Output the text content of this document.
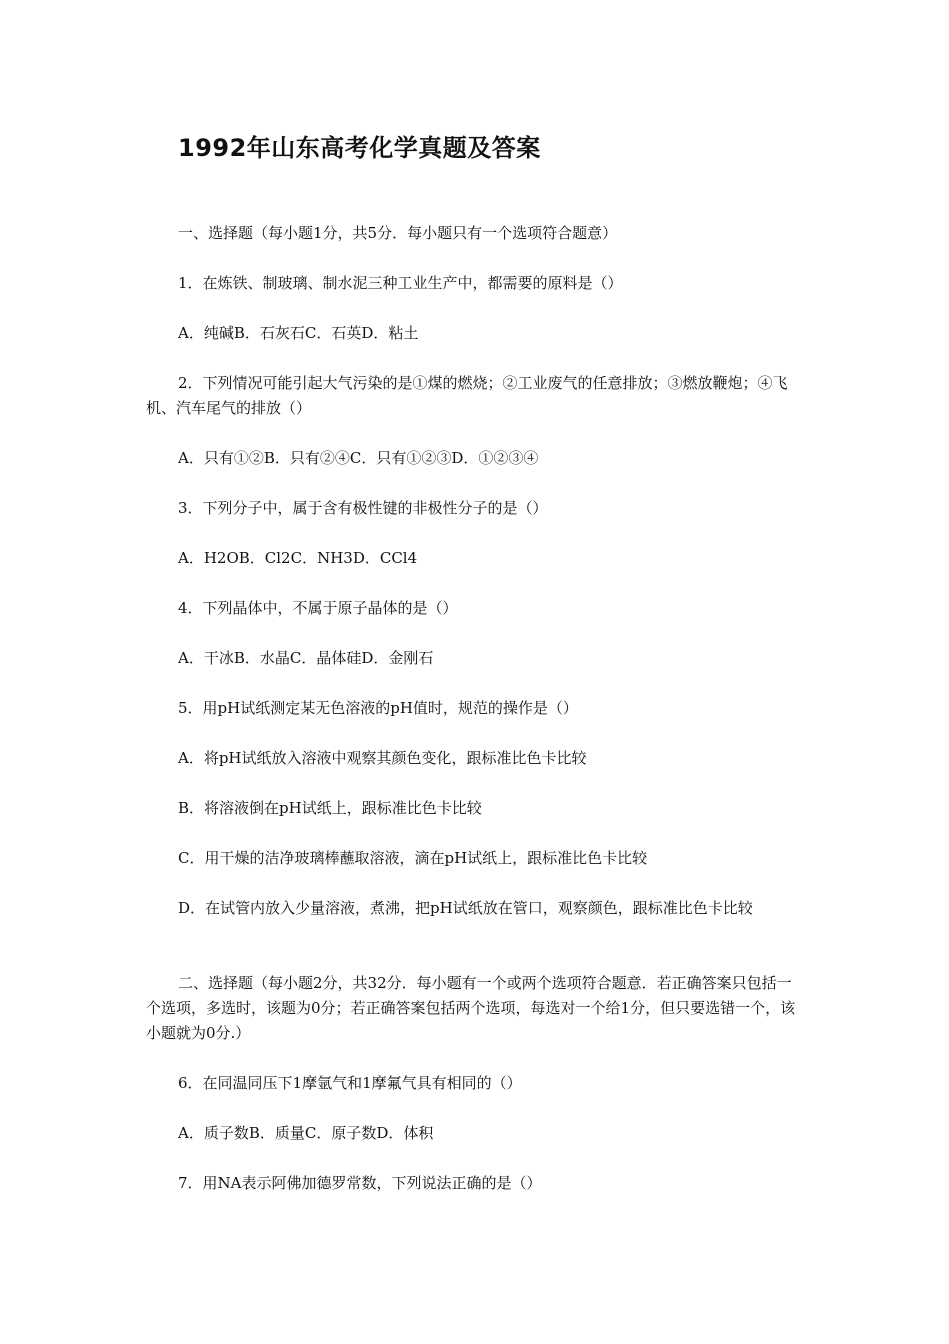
1992年山东高考化学真题及答案

一、选择题（每小题1分，共5分．每小题只有一个选项符合题意）

1．在炼铁、制玻璃、制水泥三种工业生产中，都需要的原料是（）

A．纯碱B．石灰石C．石英D．粘土

2．下列情况可能引起大气污染的是①煤的燃烧；②工业废气的任意排放；③燃放鞭炮；④飞机、汽车尾气的排放（）

A．只有①②B．只有②④C．只有①②③D．①②③④

3．下列分子中，属于含有极性键的非极性分子的是（）

A．H2OB．Cl2C．NH3D．CCl4

4．下列晶体中，不属于原子晶体的是（）

A．干冰B．水晶C．晶体硅D．金刚石

5．用pH试纸测定某无色溶液的pH值时，规范的操作是（）

A．将pH试纸放入溶液中观察其颜色变化，跟标准比色卡比较

B．将溶液倒在pH试纸上，跟标准比色卡比较

C．用干燥的洁净玻璃棒蘸取溶液，滴在pH试纸上，跟标准比色卡比较

D．在试管内放入少量溶液，煮沸，把pH试纸放在管口，观察颜色，跟标准比色卡比较

二、选择题（每小题2分，共32分．每小题有一个或两个选项符合题意．若正确答案只包括一个选项，多选时，该题为0分；若正确答案包括两个选项，每选对一个给1分，但只要选错一个，该小题就为0分.）

6．在同温同压下1摩氩气和1摩氟气具有相同的（）

A．质子数B．质量C．原子数D．体积

7．用NA表示阿佛加德罗常数，下列说法正确的是（）
